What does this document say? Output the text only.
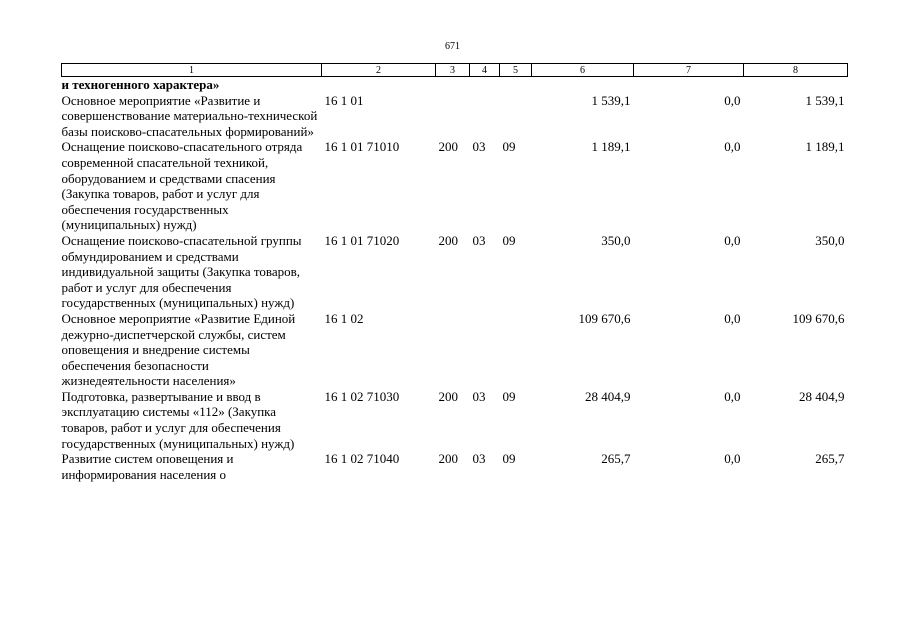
671
1	2	3	4	5	6	7	8
и техногенного характера»							
Основное мероприятие «Развитие и совершенствование материально-технической базы поисково-спасательных формирований»	16 1 01				1 539,1	0,0	1 539,1
Оснащение поисково-спасательного отряда современной спасательной техникой, оборудованием и средствами спасения (Закупка товаров, работ и услуг для обеспечения государственных (муниципальных) нужд)	16 1 01 71010	200	03	09	1 189,1	0,0	1 189,1
Оснащение поисково-спасательной группы обмундированием и средствами индивидуальной защиты (Закупка товаров, работ и услуг для обеспечения государственных (муниципальных) нужд)	16 1 01 71020	200	03	09	350,0	0,0	350,0
Основное мероприятие «Развитие Единой дежурно-диспетчерской службы, систем оповещения и внедрение системы обеспечения безопасности жизнедеятельности населения»	16 1 02				109 670,6	0,0	109 670,6
Подготовка, развертывание и ввод в эксплуатацию системы «112» (Закупка товаров, работ и услуг для обеспечения государственных (муниципальных) нужд)	16 1 02 71030	200	03	09	28 404,9	0,0	28 404,9
Развитие систем оповещения и информирования населения о	16 1 02 71040	200	03	09	265,7	0,0	265,7
